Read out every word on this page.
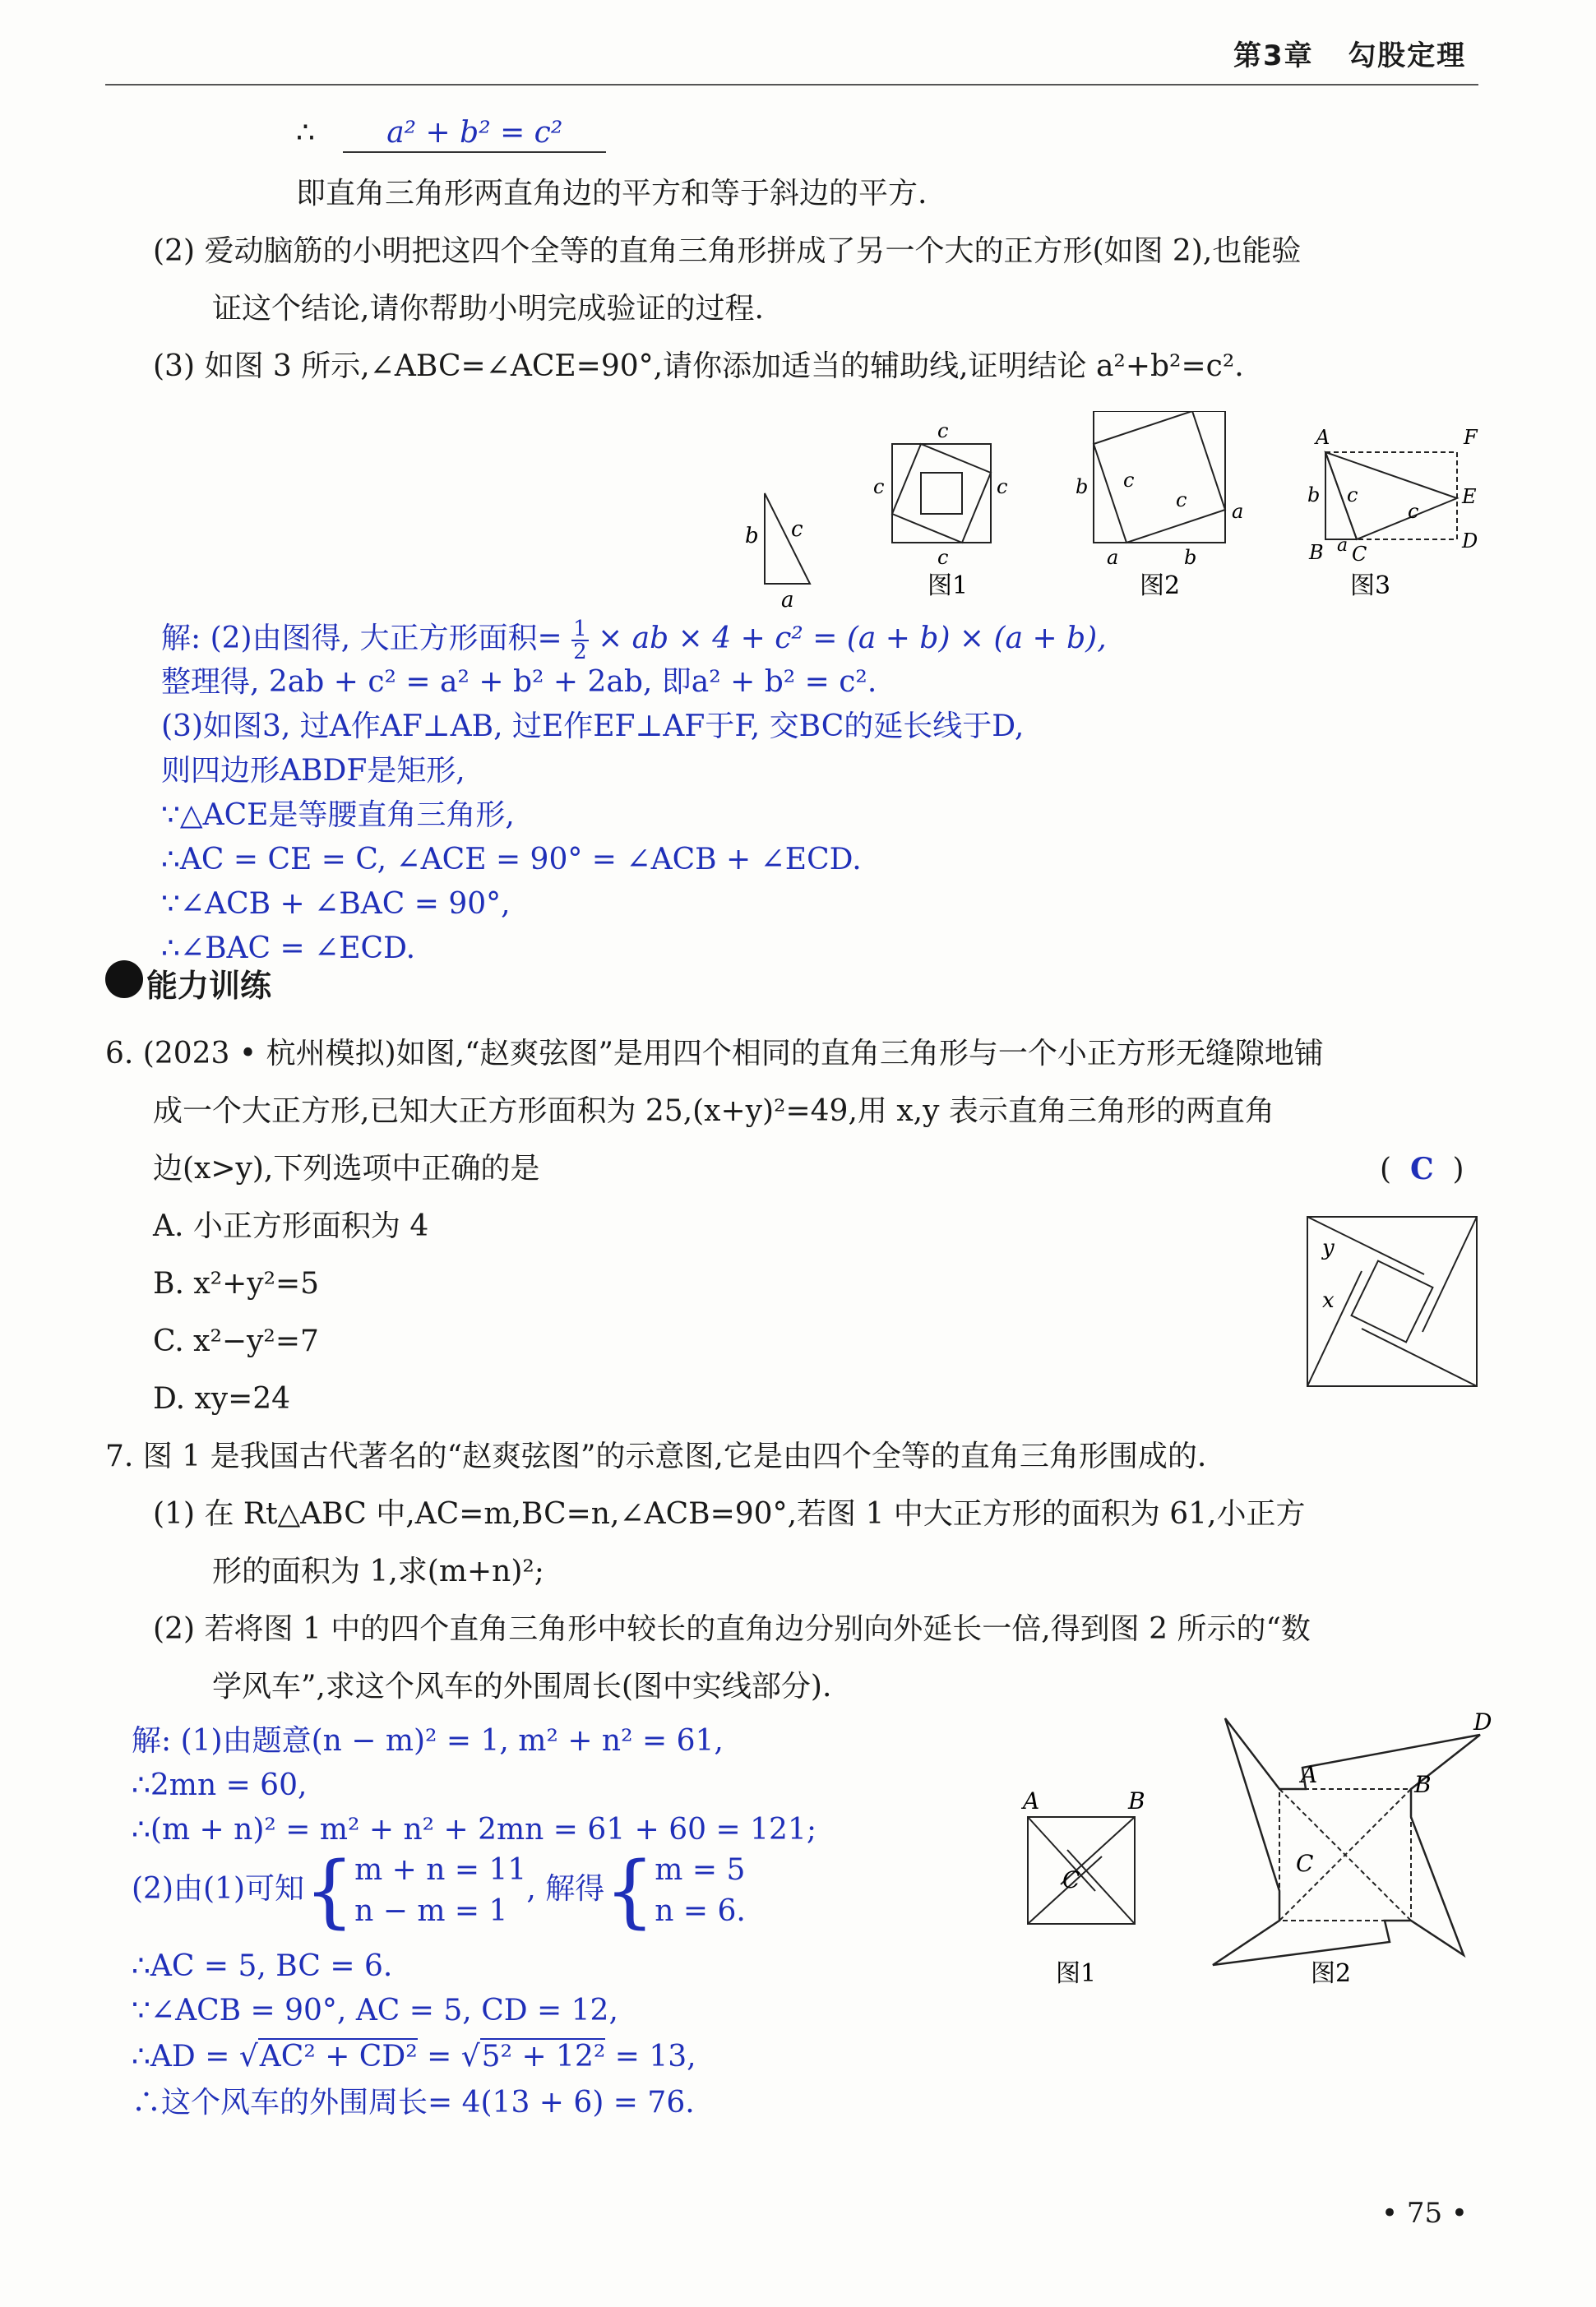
第3章 勾股定理
∴ a² + b² = c²
即直角三角形两直角边的平方和等于斜边的平方.
(2) 爱动脑筋的小明把这四个全等的直角三角形拼成了另一个大的正方形(如图 2),也能验
证这个结论,请你帮助小明完成验证的过程.
(3) 如图 3 所示,∠ABC=∠ACE=90°,请你添加适当的辅助线,证明结论 a²+b²=c².
b c
a
c
c	c
c
图1
b c
c a
a	b
图2
A	F
b c
c
E
D
B a C
图3
解: (2)由图得, 大正方形面积= $\frac{1}{2}$ × ab × 4 + c² = (a + b) × (a + b),
整理得, 2ab + c² = a² + b² + 2ab, 即a² + b² = c².
(3)如图3, 过A作AF⊥AB, 过E作EF⊥AF于F, 交BC的延长线于D,
则四边形ABDF是矩形,
∵△ACE是等腰直角三角形,
∴AC = CE = C, ∠ACE = 90° = ∠ACB + ∠ECD.
∵∠ACB + ∠BAC = 90°,
∴∠BAC = ∠ECD.
能力训练
6. (2023 • 杭州模拟)如图,“赵爽弦图”是用四个相同的直角三角形与一个小正方形无缝隙地铺
成一个大正方形,已知大正方形面积为 25,(x+y)²=49,用 x,y 表示直角三角形的两直角
边(x>y),下列选项中正确的是	( C )
A. 小正方形面积为 4
B. x²+y²=5
C. x²−y²=7
D. xy=24
y
x
7. 图 1 是我国古代著名的“赵爽弦图”的示意图,它是由四个全等的直角三角形围成的.
(1) 在 Rt△ABC 中,AC=m,BC=n,∠ACB=90°,若图 1 中大正方形的面积为 61,小正方
形的面积为 1,求(m+n)²;
(2) 若将图 1 中的四个直角三角形中较长的直角边分别向外延长一倍,得到图 2 所示的“数
学风车”,求这个风车的外围周长(图中实线部分).
解: (1)由题意(n − m)² = 1, m² + n² = 61,
∴2mn = 60,
∴(m + n)² = m² + n² + 2mn = 61 + 60 = 121;
(2)由(1)可知{ m + n = 11
n − m = 1
, 解得{ m = 5
n = 6.
∴AC = 5, BC = 6.
∵∠ACB = 90°, AC = 5, CD = 12,
∴AD = √AC² + CD² = √5² + 12² = 13,
∴这个风车的外围周长= 4(13 + 6) = 76.
A	B
C
图1
A	B
D
C
图2
• 75 •
